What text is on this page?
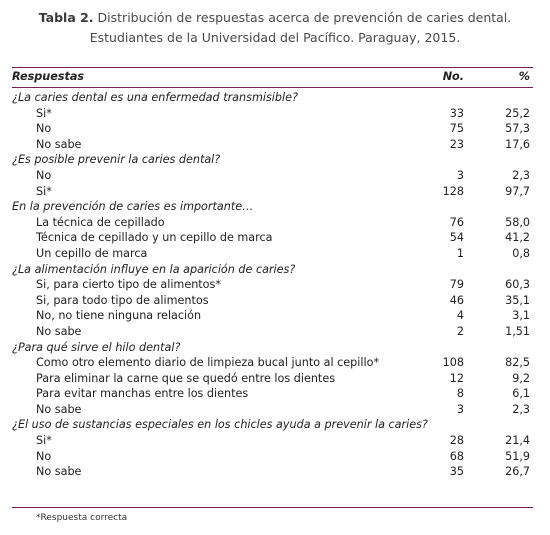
Tabla 2. Distribución de respuestas acerca de prevención de caries dental.
Estudiantes de la Universidad del Pacífico. Paraguay, 2015.
Respuestas	No.	%
¿La caries dental es una enfermedad transmisible?
Si*	33	25,2
No	75	57,3
No sabe	23	17,6
¿Es posible prevenir la caries dental?
No	3	2,3
Si*	128	97,7
En la prevención de caries es importante…
La técnica de cepillado	76	58,0
Técnica de cepillado y un cepillo de marca	54	41,2
Un cepillo de marca	1	0,8
¿La alimentación influye en la aparición de caries?
Si, para cierto tipo de alimentos*	79	60,3
Si, para todo tipo de alimentos	46	35,1
No, no tiene ninguna relación	4	3,1
No sabe	2	1,51
¿Para qué sirve el hilo dental?
Como otro elemento diario de limpieza bucal junto al cepillo*	108	82,5
Para eliminar la carne que se quedó entre los dientes	12	9,2
Para evitar manchas entre los dientes	8	6,1
No sabe	3	2,3
¿El uso de sustancias especiales en los chicles ayuda a prevenir la caries?
Si*	28	21,4
No	68	51,9
No sabe	35	26,7
*Respuesta correcta
